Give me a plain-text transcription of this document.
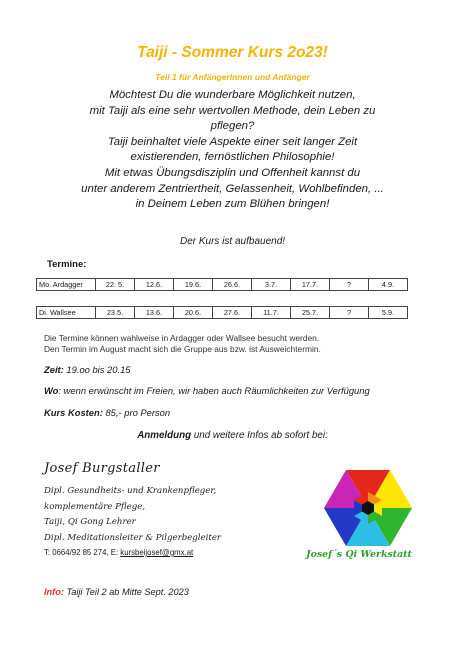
Taiji - Sommer Kurs 2o23!
Teil 1 für AnfängerInnen und Anfänger
Möchtest Du die wunderbare Möglichkeit nutzen,
mit Taiji als eine sehr wertvollen Methode, dein Leben zu
pflegen?
Taiji beinhaltet viele Aspekte einer seit langer Zeit
existierenden, fernöstlichen Philosophie!
Mit etwas Übungsdisziplin und Offenheit kannst du
unter anderem Zentriertheit, Gelassenheit, Wohlbefinden, ...
in Deinem Leben zum Blühen bringen!
Der Kurs ist aufbauend!
Termine:
Mo. Ardagger	22. 5.	12.6.	19.6.	26.6.	3.7.	17.7.	?	4.9.
Di. Wallsee	23.5.	13.6.	20.6.	27.6.	11.7.	25.7.	?	5.9.
Die Termine können wahlweise in Ardagger oder Wallsee besucht werden.
Den Termin im August macht sich die Gruppe aus bzw. ist Ausweichtermin.
Zeit: 19.oo bis 20.15
Wo: wenn erwünscht im Freien, wir haben auch Räumlichkeiten zur Verfügung
Kurs Kosten: 85,- pro Person
Anmeldung und weitere Infos ab sofort bei:
Josef Burgstaller
Dipl. Gesundheits- und Krankenpfleger,
komplementäre Pflege,
Taiji, Qi Gong Lehrer
Dipl. Meditationsleiter & Pilgerbegleiter
T: 0664/92 85 274, E: kursbeijosef@gmx.at	Josef´s Qi Werkstatt
Info: Taiji Teil 2 ab Mitte Sept. 2023
